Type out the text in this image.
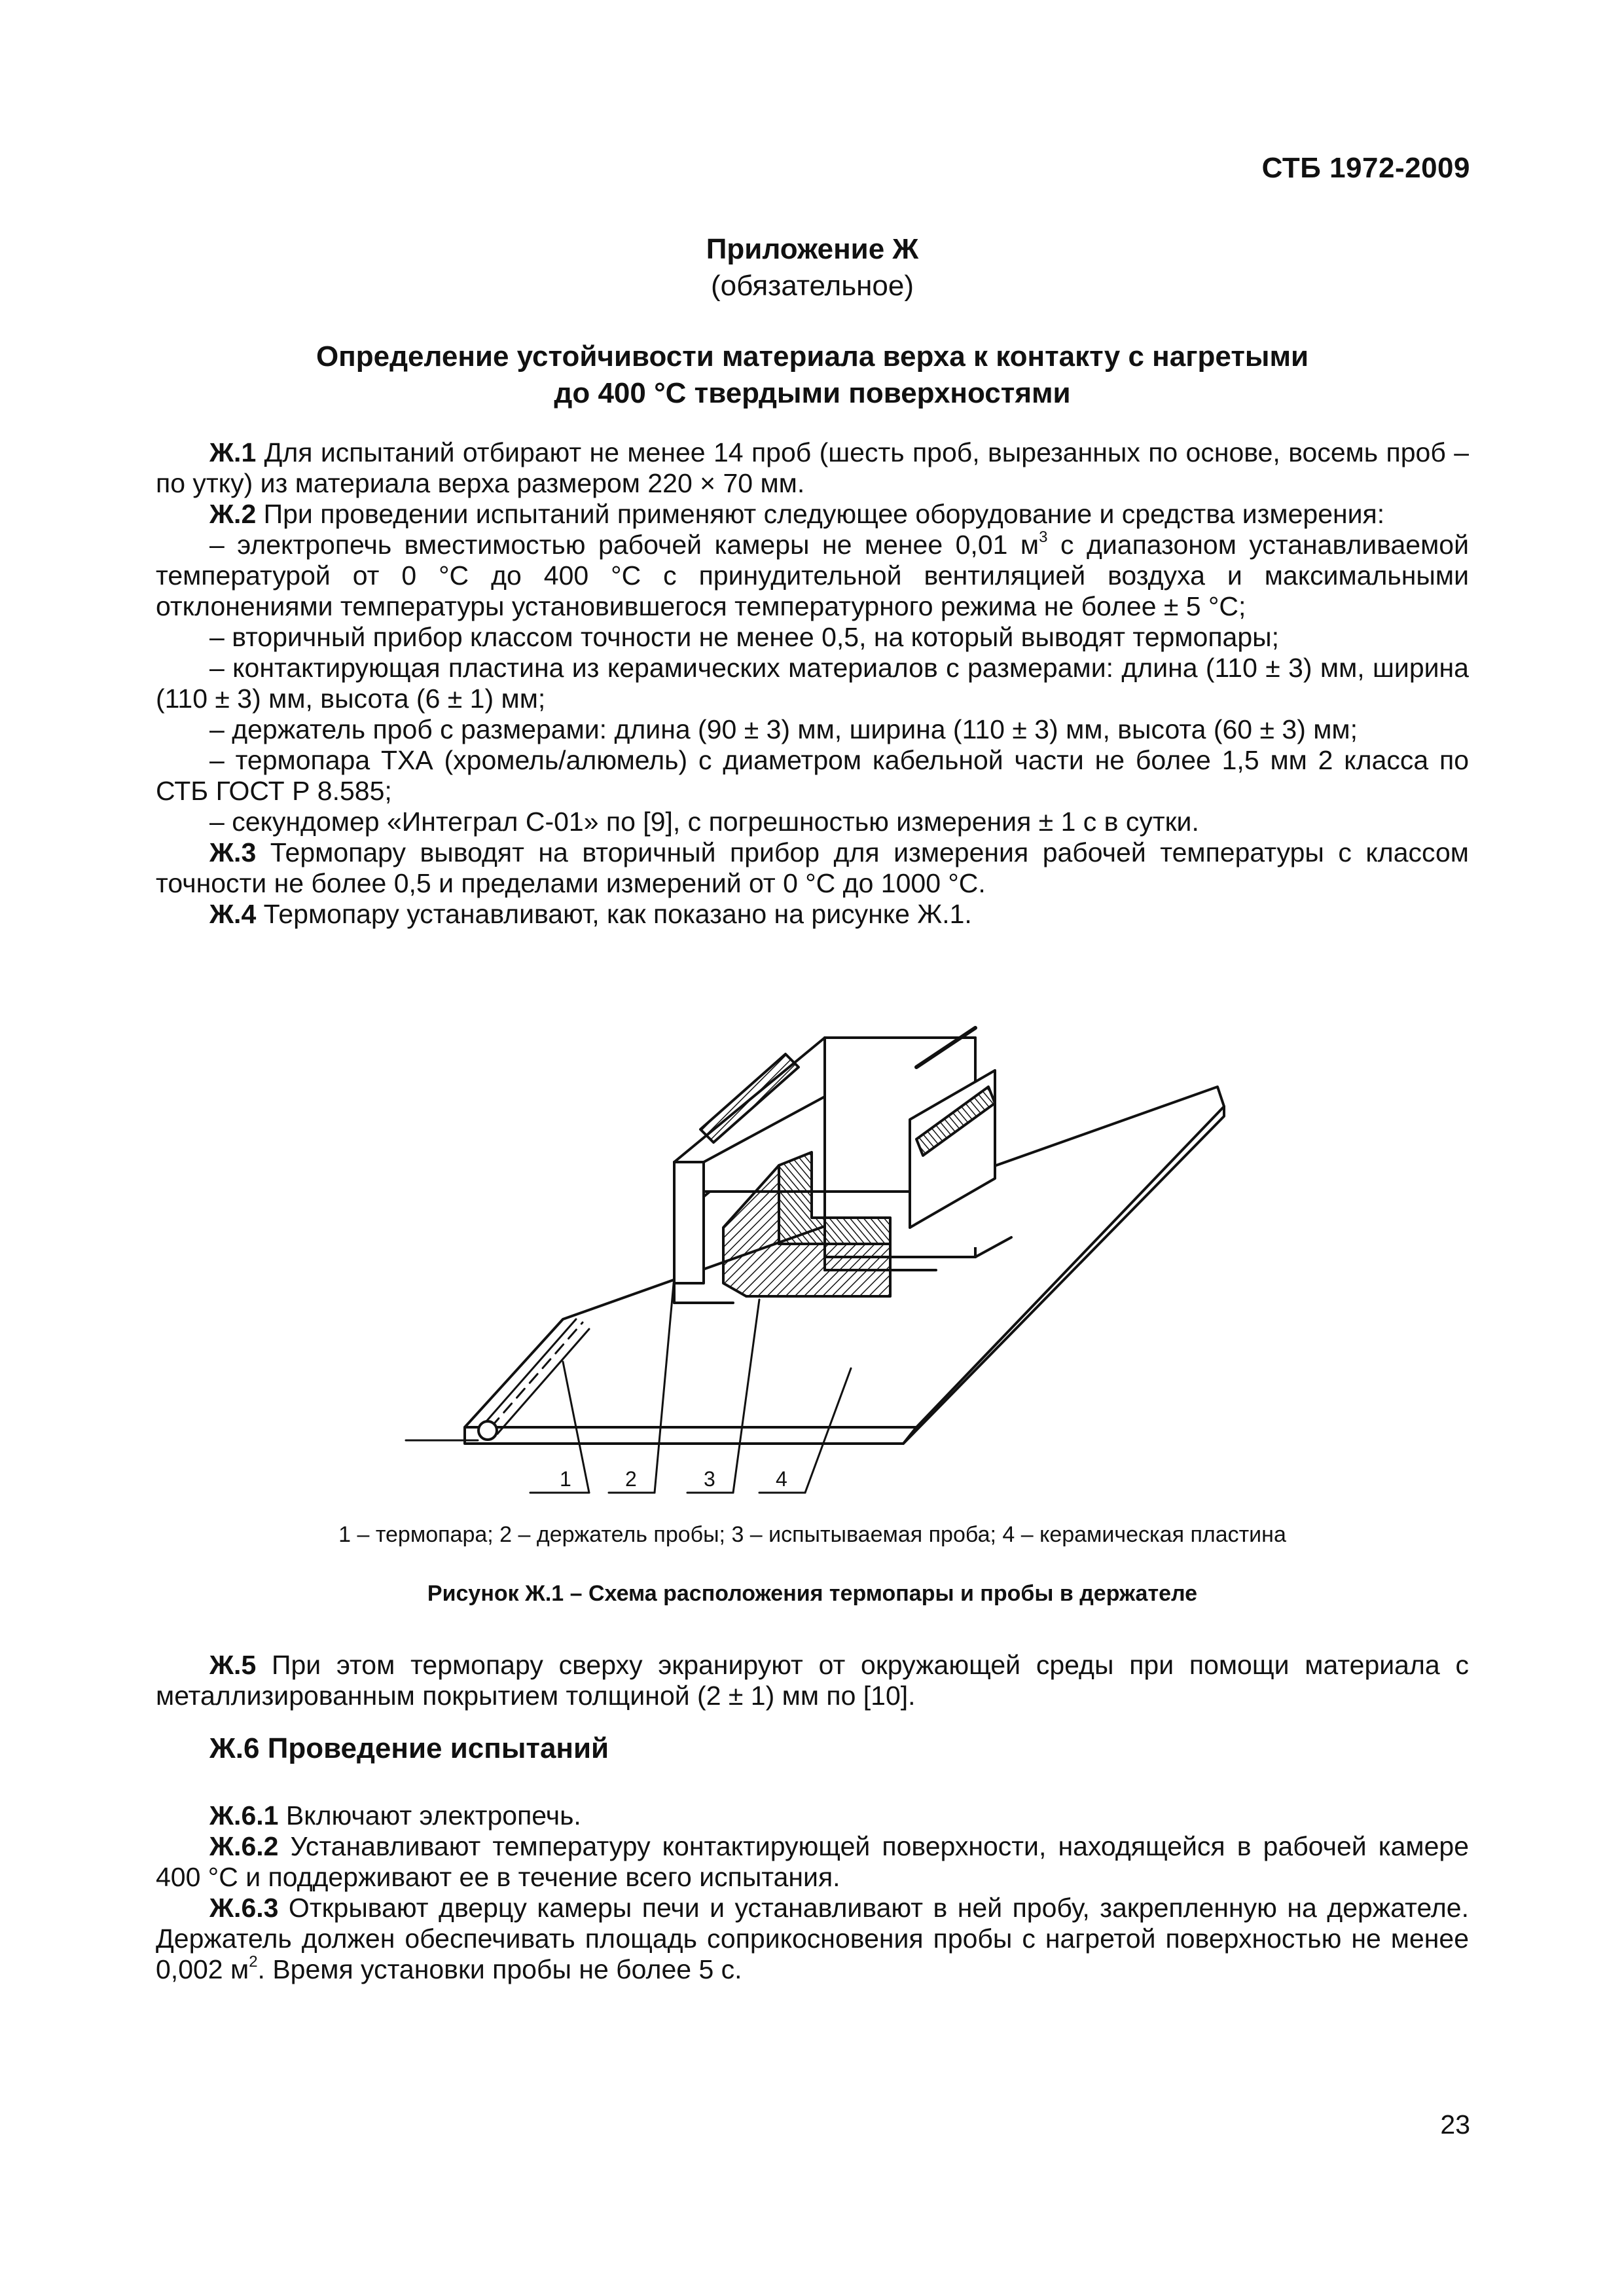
СТБ 1972-2009
Приложение Ж
(обязательное)
Определение устойчивости материала верха к контакту с нагретыми
до 400 °С твердыми поверхностями

Ж.1 Для испытаний отбирают не менее 14 проб (шесть проб, вырезанных по основе, восемь проб – по утку) из материала верха размером 220 × 70 мм.

Ж.2 При проведении испытаний применяют следующее оборудование и средства измерения:

– электропечь вместимостью рабочей камеры не менее 0,01 $м^3$ с диапазоном устанавливаемой температурой от 0 °С до 400 °С с принудительной вентиляцией воздуха и максимальными отклонениями температуры установившегося температурного режима не более ± 5 °С;

– вторичный прибор классом точности не менее 0,5, на который выводят термопары;

– контактирующая пластина из керамических материалов с размерами: длина (110 ± 3) мм, ширина (110 ± 3) мм, высота (6 ± 1) мм;

– держатель проб с размерами: длина (90 ± 3) мм, ширина (110 ± 3) мм, высота (60 ± 3) мм;

– термопара ТХА (хромель/алюмель) с диаметром кабельной части не более 1,5 мм 2 класса по СТБ ГОСТ Р 8.585;

– секундомер «Интеграл С-01» по [9], с погрешностью измерения ± 1 с в сутки.

Ж.3 Термопару выводят на вторичный прибор для измерения рабочей температуры с классом точности не более 0,5 и пределами измерений от 0 °С до 1000 °С.

Ж.4 Термопару устанавливают, как показано на рисунке Ж.1.

1	2	3	4
1 – термопара; 2 – держатель пробы; 3 – испытываемая проба; 4 – керамическая пластина
Рисунок Ж.1 – Схема расположения термопары и пробы в держателе

Ж.5 При этом термопару сверху экранируют от окружающей среды при помощи материала с металлизированным покрытием толщиной (2 ± 1) мм по [10].

Ж.6 Проведение испытаний

Ж.6.1 Включают электропечь.

Ж.6.2 Устанавливают температуру контактирующей поверхности, находящейся в рабочей камере 400 °С и поддерживают ее в течение всего испытания.

Ж.6.3 Открывают дверцу камеры печи и устанавливают в ней пробу, закрепленную на держателе. Держатель должен обеспечивать площадь соприкосновения пробы с нагретой поверхностью не менее 0,002 $м^2$. Время установки пробы не более 5 с.

23
